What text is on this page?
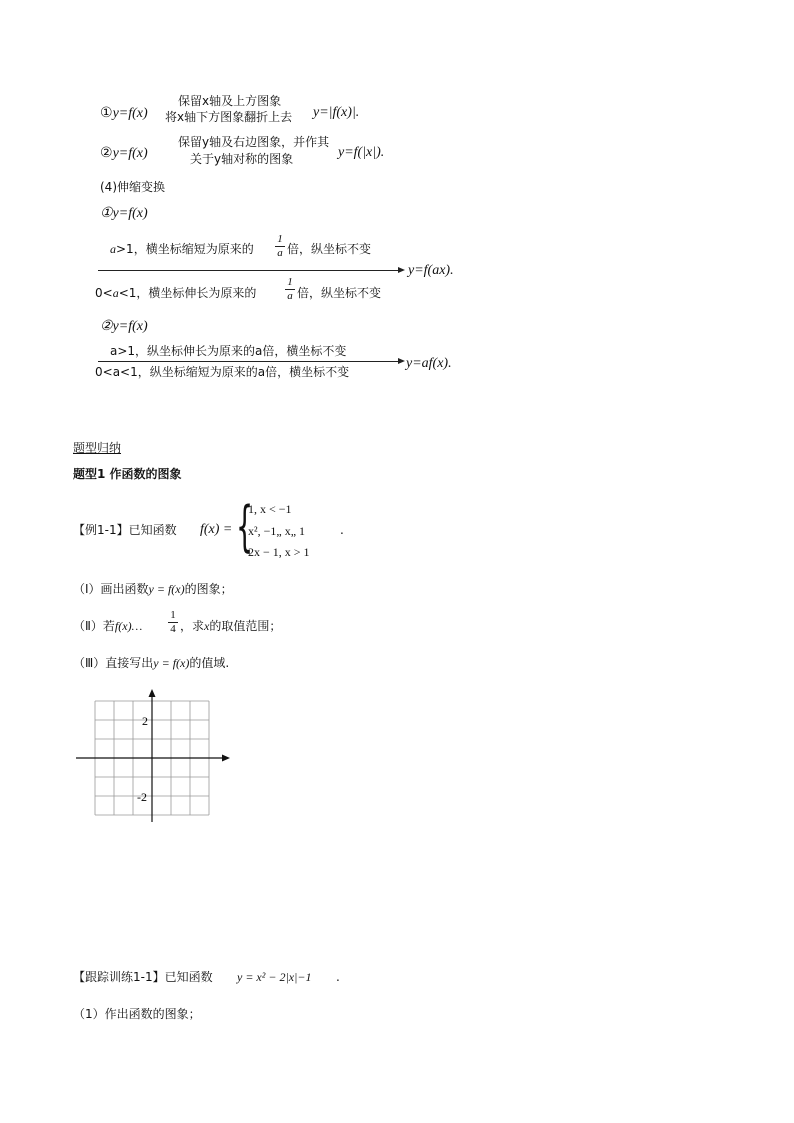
①y=f(x)
保留x轴及上方图象
将x轴下方图象翻折上去 y=|f(x)|.
②y=f(x)
保留y轴及右边图象，并作其
关于y轴对称的图象	y=f(|x|).
(4)伸缩变换
①y=f(x)
a>1，横坐标缩短为原来的
1
a 倍，纵坐标不变
0<a<1，横坐标伸长为原来的
1
a 倍，纵坐标不变
y=f(ax).
②y=f(x)
a>1，纵坐标伸长为原来的a倍，横坐标不变
0<a<1，纵坐标缩短为原来的a倍，横坐标不变
y=af(x).
题型归纳
题型1 作函数的图象
【例1-1】已知函数 f(x) = {
1, x < −1
x², −1„ x„ 1
2x − 1, x > 1
.
（Ⅰ）画出函数y = f(x)的图象；
（Ⅱ）若f(x)…
1
4 ，求x的取值范围；
（Ⅲ）直接写出y = f(x)的值域.
2
-2
【跟踪训练1-1】已知函数 y = x² − 2|x|−1 .
（1）作出函数的图象；
